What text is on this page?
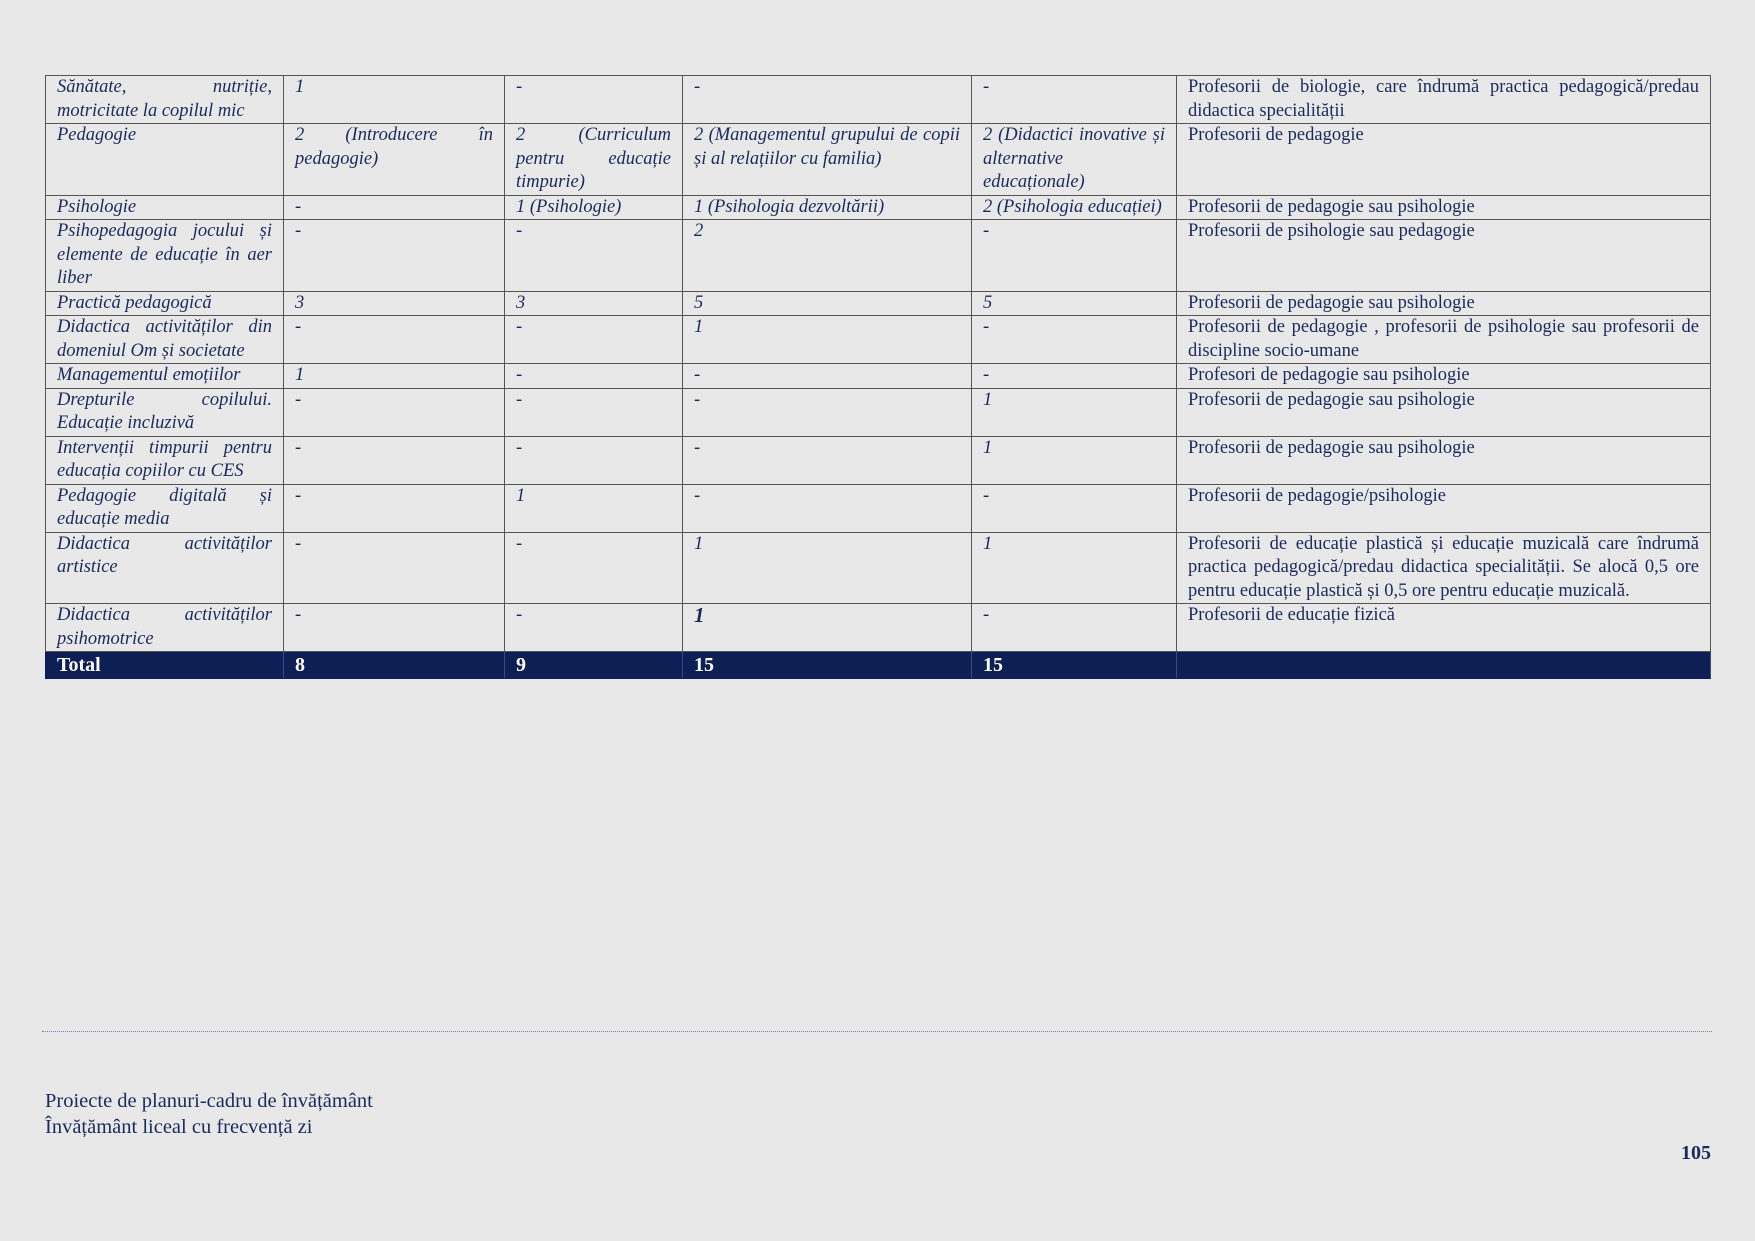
Sănătate, nutriție, motricitate la copilul mic	1	-	-	-	Profesorii de biologie, care îndrumă practica pedagogică/predau didactica specialității
Pedagogie	2 (Introducere în pedagogie)	2 (Curriculum pentru educație timpurie)	2 (Managementul grupului de copii și al relațiilor cu familia)	2 (Didactici inovative și alternative educaționale)	Profesorii de pedagogie
Psihologie	-	1 (Psihologie)	1 (Psihologia dezvoltării)	2 (Psihologia educației)	Profesorii de pedagogie sau psihologie
Psihopedagogia jocului și elemente de educație în aer liber	-	-	2	-	Profesorii de psihologie sau pedagogie
Practică pedagogică	3	3	5	5	Profesorii de pedagogie sau psihologie
Didactica activităților din domeniul Om și societate	-	-	1	-	Profesorii de pedagogie , profesorii de psihologie sau profesorii de discipline socio-umane
Managementul emoțiilor	1	-	-	-	Profesori de pedagogie sau psihologie
Drepturile copilului. Educație incluzivă	-	-	-	1	Profesorii de pedagogie sau psihologie
Intervenții timpurii pentru educația copiilor cu CES	-	-	-	1	Profesorii de pedagogie sau psihologie
Pedagogie digitală și educație media	-	1	-	-	Profesorii de pedagogie/psihologie
Didactica activităților artistice	-	-	1	1	Profesorii de educație plastică și educație muzicală care îndrumă practica pedagogică/predau didactica specialității. Se alocă 0,5 ore pentru educație plastică și 0,5 ore pentru educație muzicală.
Didactica activităților psihomotrice	-	-	1	-	Profesorii de educație fizică
Total	8	9	15	15	
Proiecte de planuri-cadru de învățământ
Învățământ liceal cu frecvență zi
105
